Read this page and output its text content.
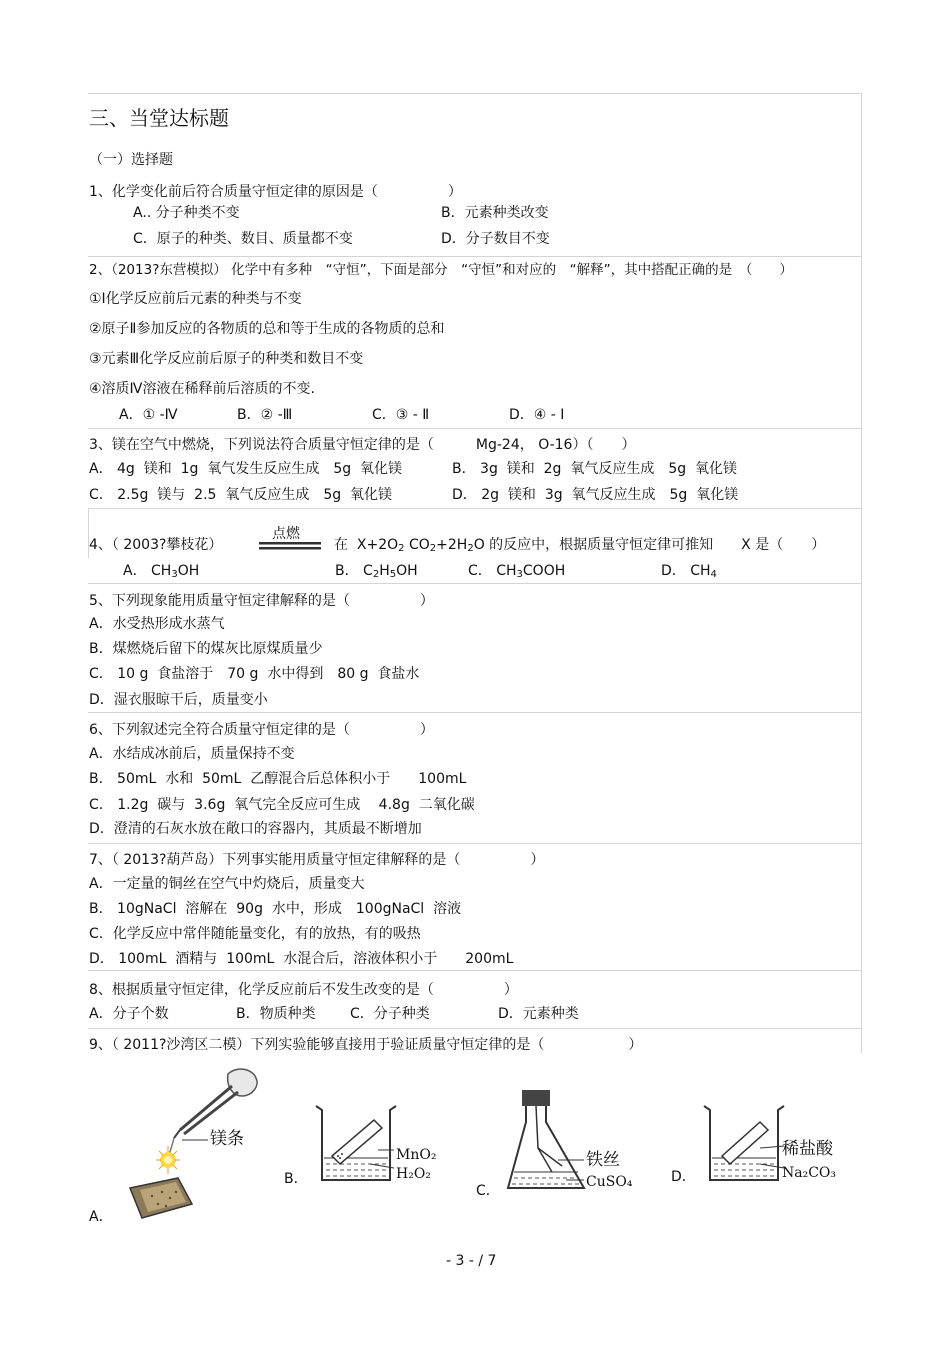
三、当堂达标题
（一）选择题
1、化学变化前后符合质量守恒定律的原因是（　　　　　）
A.. 分子种类不变	B．元素种类改变
C．原子的种类、数目、质量都不变	D．分子数目不变
2、（2013?东营模拟） 化学中有多种　“守恒”，下面是部分　“守恒”和对应的　“解释”，其中搭配正确的是　（　　）
①Ⅰ化学反应前后元素的种类与不变
②原子Ⅱ参加反应的各物质的总和等于生成的各物质的总和
③元素Ⅲ化学反应前后原子的种类和数目不变
④溶质Ⅳ溶液在稀释前后溶质的不变.
A．① -Ⅳ	B．② -Ⅲ	C．③ - Ⅱ	D．④ - Ⅰ
3、镁在空气中燃烧，下列说法符合质量守恒定律的是（　　　Mg-24， O-16）（　　）
A． 4g  镁和  1g  氧气发生反应生成　5g  氧化镁	B． 3g  镁和  2g  氧气反应生成　5g  氧化镁
C． 2.5g  镁与  2.5  氧气反应生成　5g  氧化镁	D． 2g  镁和  3g  氧气反应生成　5g  氧化镁
4、（ 2003?攀枝花）
点燃
在  $X+2O_2$ $CO_2+2H_2O$ 的反应中，根据质量守恒定律可推知　　X 是（　　）
A． $CH_3OH$	B． $C_2H_5OH$	C． $CH_3COOH$	D． $CH_4$
5、下列现象能用质量守恒定律解释的是（　　　　　）
A．水受热形成水蒸气
B．煤燃烧后留下的煤灰比原煤质量少
C． 10 g  食盐溶于　70 g  水中得到　80 g  食盐水
D．湿衣服晾干后，质量变小
6、下列叙述完全符合质量守恒定律的是（　　　　　）
A．水结成冰前后，质量保持不变
B． 50mL  水和  50mL  乙醇混合后总体积小于　　100mL
C． 1.2g  碳与  3.6g  氧气完全反应可生成　 4.8g  二氧化碳
D．澄清的石灰水放在敞口的容器内，其质最不断增加
7、（ 2013?葫芦岛）下列事实能用质量守恒定律解释的是（　　　　　）
A．一定量的铜丝在空气中灼烧后，质量变大
B． 10gNaCl  溶解在  90g  水中，形成　100gNaCl  溶液
C．化学反应中常伴随能量变化，有的放热，有的吸热
D． 100mL  酒精与  100mL  水混合后，溶液体积小于　　200mL
8、根据质量守恒定律，化学反应前后不发生改变的是（　　　　　）
A．分子个数	B．物质种类 C．分子种类	D．元素种类
9、（ 2011?沙湾区二模）下列实验能够直接用于验证质量守恒定律的是（　　　　　　）
镁条
A．
MnO₂
H₂O₂
B．
铁丝
CuSO₄
C．
稀盐酸
Na₂CO₃
D．
- 3 - / 7
